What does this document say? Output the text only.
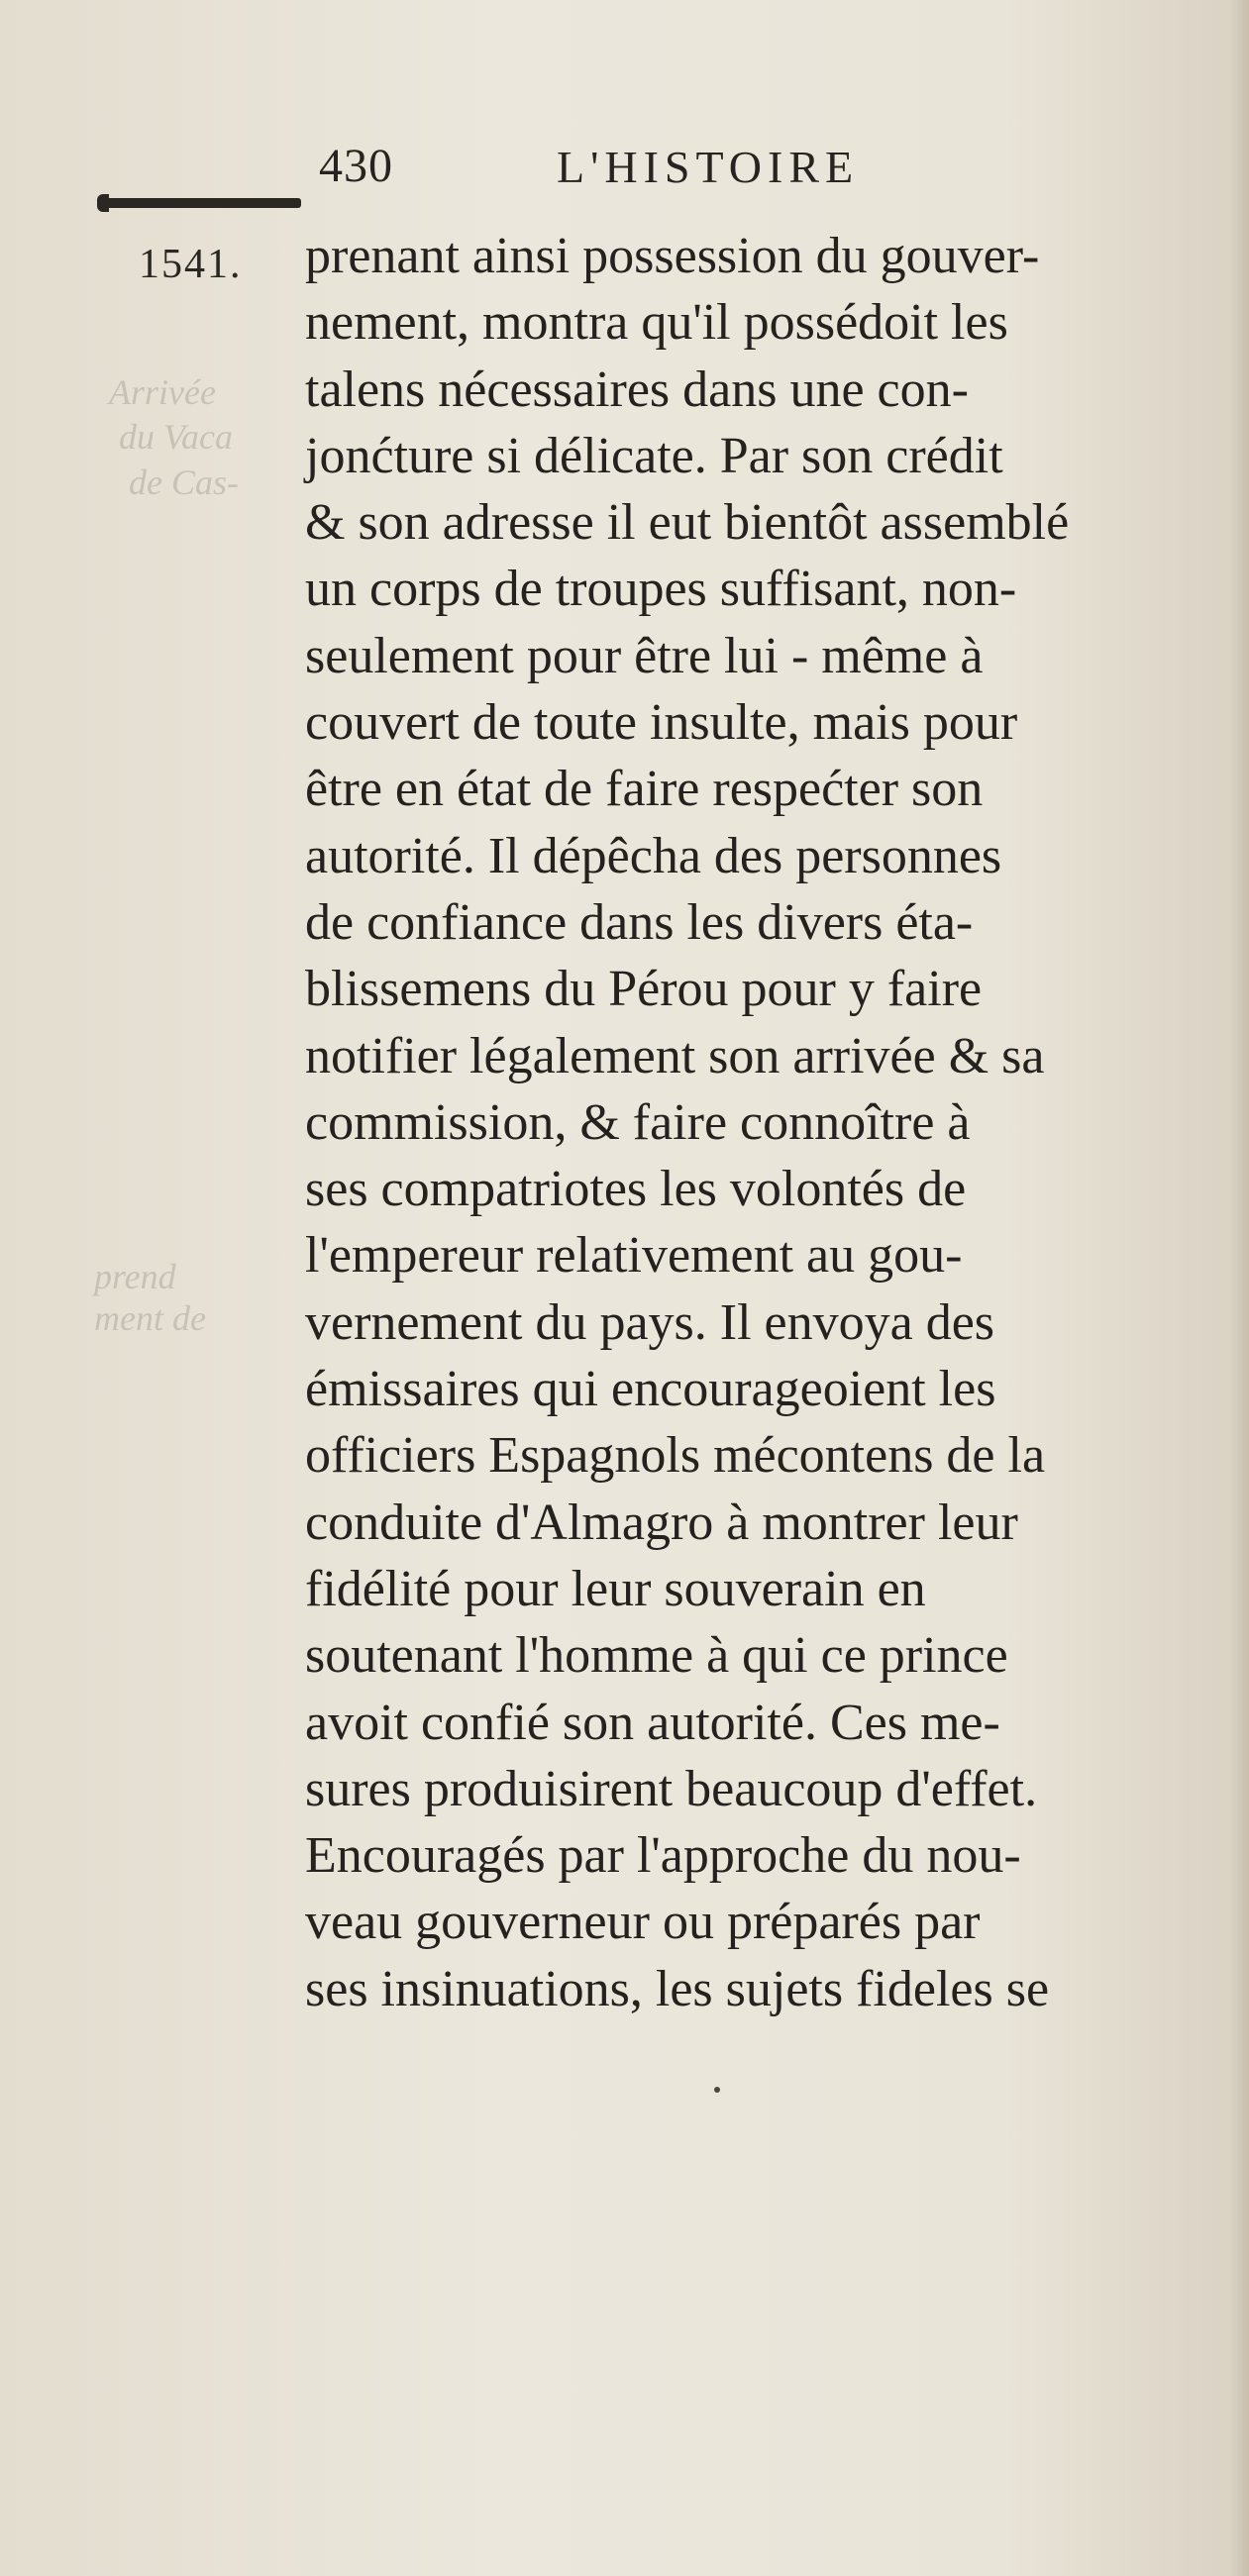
Arrivée
du Vaca
de Cas-
prend
ment de
430	L'HISTOIRE
1541. prenant ainsi possession du gouver-
nement, montra qu'il possédoit les
talens nécessaires dans une con-
jonćture si délicate. Par son crédit
& son adresse il eut bientôt assemblé
un corps de troupes suffisant, non-
seulement pour être lui - même à
couvert de toute insulte, mais pour
être en état de faire respećter son
autorité. Il dépêcha des personnes
de confiance dans les divers éta-
blissemens du Pérou pour y faire
notifier légalement son arrivée & sa
commission, & faire connoître à
ses compatriotes les volontés de
l'empereur relativement au gou-
vernement du pays. Il envoya des
émissaires qui encourageoient les
officiers Espagnols mécontens de la
conduite d'Almagro à montrer leur
fidélité pour leur souverain en
soutenant l'homme à qui ce prince
avoit confié son autorité. Ces me-
sures produisirent beaucoup d'effet.
Encouragés par l'approche du nou-
veau gouverneur ou préparés par
ses insinuations, les sujets fideles se
